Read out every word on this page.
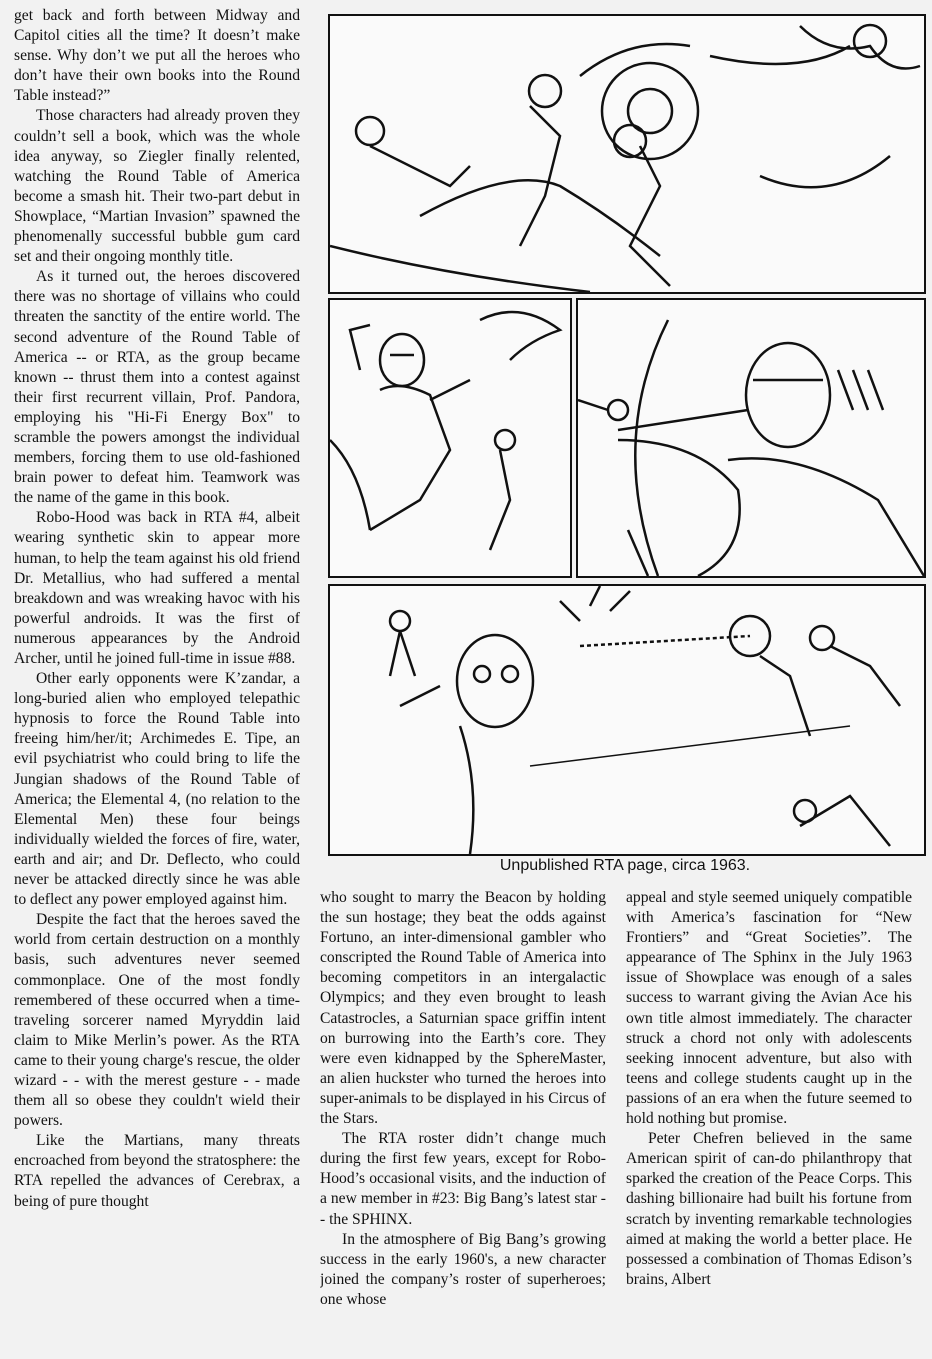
get back and forth between Midway and Capitol cities all the time? It doesn’t make sense. Why don’t we put all the heroes who don’t have their own books into the Round Table instead?”

Those characters had already proven they couldn’t sell a book, which was the whole idea anyway, so Ziegler finally relented, watching the Round Table of America become a smash hit. Their two-part debut in Showplace, “Martian Invasion” spawned the phenomenally successful bubble gum card set and their ongoing monthly title.

As it turned out, the heroes discovered there was no shortage of villains who could threaten the sanctity of the entire world. The second adventure of the Round Table of America -- or RTA, as the group became known -- thrust them into a contest against their first recurrent villain, Prof. Pandora, employing his "Hi-Fi Energy Box" to scramble the powers amongst the individual members, forcing them to use old-fashioned brain power to defeat him. Teamwork was the name of the game in this book.

Robo-Hood was back in RTA #4, albeit wearing synthetic skin to appear more human, to help the team against his old friend Dr. Metallius, who had suffered a mental breakdown and was wreaking havoc with his powerful androids. It was the first of numerous appearances by the Android Archer, until he joined full-time in issue #88.

Other early opponents were K’zandar, a long-buried alien who employed telepathic hypnosis to force the Round Table into freeing him/her/it; Archimedes E. Tipe, an evil psychiatrist who could bring to life the Jungian shadows of the Round Table of America; the Elemental 4, (no relation to the Elemental Men) these four beings individually wielded the forces of fire, water, earth and air; and Dr. Deflecto, who could never be attacked directly since he was able to deflect any power employed against him.

Despite the fact that the heroes saved the world from certain destruction on a monthly basis, such adventures never seemed commonplace. One of the most fondly remembered of these occurred when a time-traveling sorcerer named Myryddin laid claim to Mike Merlin’s power. As the RTA came to their young charge's rescue, the older wizard - - with the merest gesture - - made them all so obese they couldn't wield their powers.

Like the Martians, many threats encroached from beyond the stratosphere: the RTA repelled the advances of Cerebrax, a being of pure thought

Unpublished RTA page, circa 1963.

who sought to marry the Beacon by holding the sun hostage; they beat the odds against Fortuno, an inter-dimensional gambler who conscripted the Round Table of America into becoming competitors in an intergalactic Olympics; and they even brought to leash Catastrocles, a Saturnian space griffin intent on burrowing into the Earth’s core. They were even kidnapped by the SphereMaster, an alien huckster who turned the heroes into super-animals to be displayed in his Circus of the Stars.

The RTA roster didn’t change much during the first few years, except for Robo-Hood’s occasional visits, and the induction of a new member in #23: Big Bang’s latest star - - the SPHINX.

In the atmosphere of Big Bang’s growing success in the early 1960's, a new character joined the company’s roster of superheroes; one whose

appeal and style seemed uniquely compatible with America’s fascination for “New Frontiers” and “Great Societies”. The appearance of The Sphinx in the July 1963 issue of Showplace was enough of a sales success to warrant giving the Avian Ace his own title almost immediately. The character struck a chord not only with adolescents seeking innocent adventure, but also with teens and college students caught up in the passions of an era when the future seemed to hold nothing but promise.

Peter Chefren believed in the same American spirit of can-do philanthropy that sparked the creation of the Peace Corps. This dashing billionaire had built his fortune from scratch by inventing remarkable technologies aimed at making the world a better place. He possessed a combination of Thomas Edison’s brains, Albert
